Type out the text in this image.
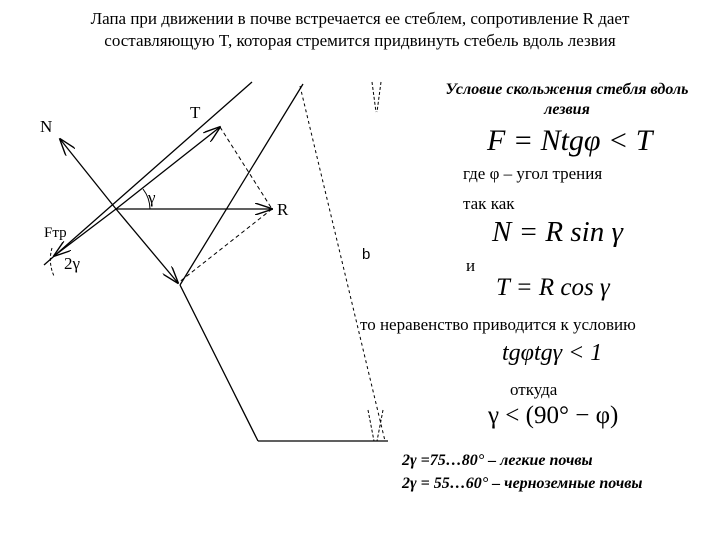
Лапа при движении в почве встречается ее стеблем, сопротивление R дает
составляющую T, которая стремится придвинуть стебель вдоль лезвия
N
T
R
Fтр
γ
2γ	b
Условие скольжения стебля вдоль лезвия
F = Ntgφ < T
где φ – угол трения
так как
N = R sin γ
и
T = R cos γ
то неравенство приводится к условию
tgφtgγ < 1
откуда
γ < (90° − φ)
2γ =75…80° – легкие почвы
2γ = 55…60° – черноземные почвы
